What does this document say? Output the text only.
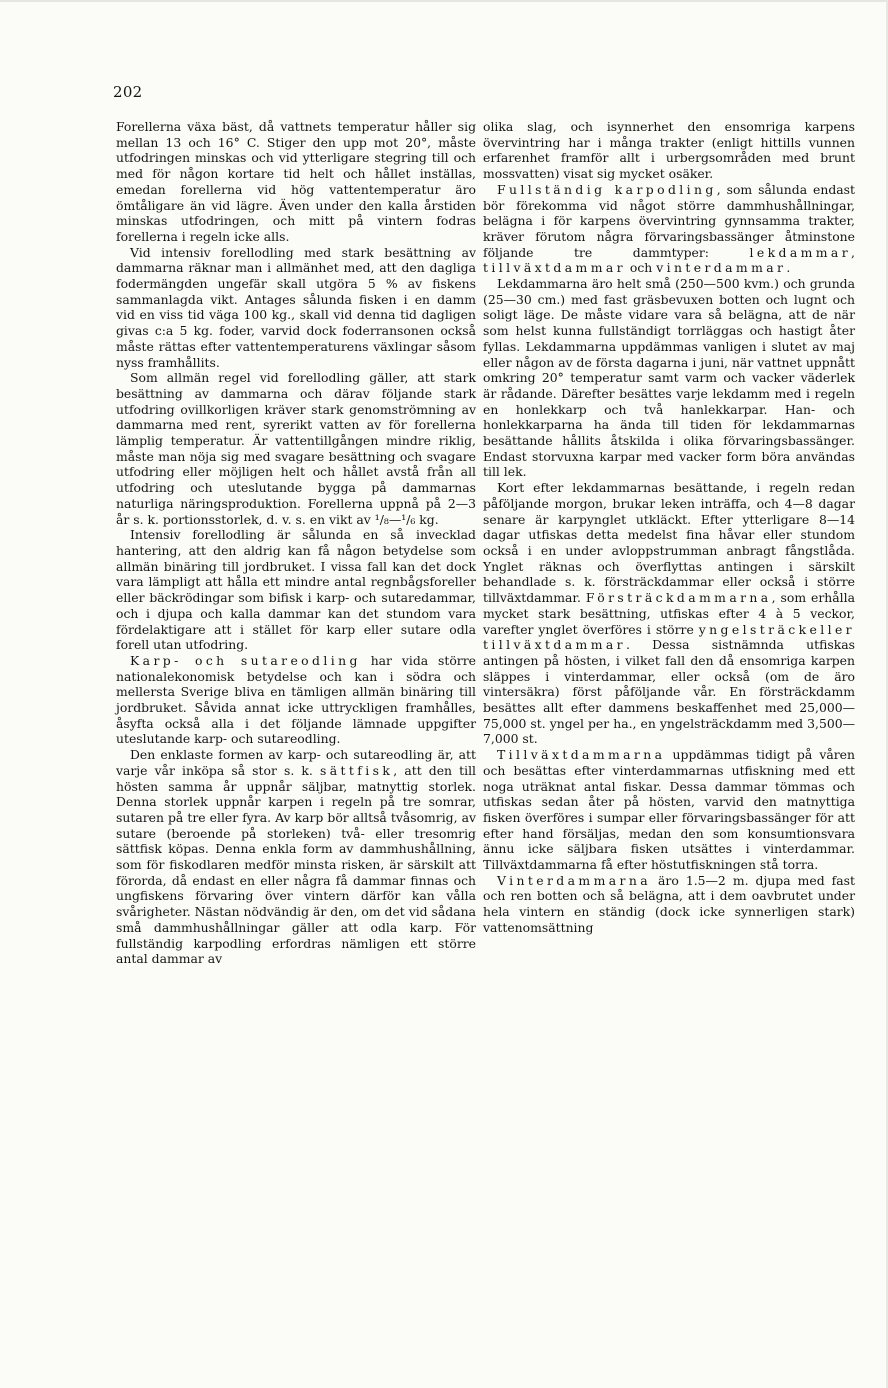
202

Forellerna växa bäst, då vattnets temperatur håller sig mellan 13 och 16° C. Stiger den upp mot 20°, måste utfodringen minskas och vid ytterligare stegring till och med för någon kortare tid helt och hållet inställas, emedan forellerna vid hög vattentemperatur äro ömtåligare än vid lägre. Även under den kalla årstiden minskas utfodringen, och mitt på vintern fodras forellerna i regeln icke alls.

Vid intensiv forellodling med stark besättning av dammarna räknar man i allmänhet med, att den dagliga fodermängden ungefär skall utgöra 5 % av fiskens sammanlagda vikt. Antages sålunda fisken i en damm vid en viss tid väga 100 kg., skall vid denna tid dagligen givas c:a 5 kg. foder, varvid dock foderransonen också måste rättas efter vattentemperaturens växlingar såsom nyss framhållits.

Som allmän regel vid forellodling gäller, att stark besättning av dammarna och därav följande stark utfodring ovillkorligen kräver stark genomströmning av dammarna med rent, syrerikt vatten av för forellerna lämplig temperatur. Är vattentillgången mindre riklig, måste man nöja sig med svagare besättning och svagare utfodring eller möjligen helt och hållet avstå från all utfodring och uteslutande bygga på dammarnas naturliga näringsproduktion. Forellerna uppnå på 2—3 år s. k. portionsstorlek, d. v. s. en vikt av ¹/₈—¹/₆ kg.

Intensiv forellodling är sålunda en så invecklad hantering, att den aldrig kan få någon betydelse som allmän binäring till jordbruket. I vissa fall kan det dock vara lämpligt att hålla ett mindre antal regnbågsforeller eller bäckrödingar som bifisk i karp- och sutaredammar, och i djupa och kalla dammar kan det stundom vara fördelaktigare att i stället för karp eller sutare odla forell utan utfodring.

Karp- och sutareodling har vida större nationalekonomisk betydelse och kan i södra och mellersta Sverige bliva en tämligen allmän binäring till jordbruket. Såvida annat icke uttryckligen framhålles, åsyfta också alla i det följande lämnade uppgifter uteslutande karp- och sutareodling.

Den enklaste formen av karp- och sutareodling är, att varje vår inköpa så stor s. k. sättfisk, att den till hösten samma år uppnår säljbar, matnyttig storlek. Denna storlek uppnår karpen i regeln på tre somrar, sutaren på tre eller fyra. Av karp bör alltså tvåsomrig, av sutare (beroende på storleken) två- eller tresomrig sättfisk köpas. Denna enkla form av dammhushållning, som för fiskodlaren medför minsta risken, är särskilt att förorda, då endast en eller några få dammar finnas och ungfiskens förvaring över vintern därför kan vålla svårigheter. Nästan nödvändig är den, om det vid sådana små dammhushållningar gäller att odla karp. För fullständig karpodling erfordras nämligen ett större antal dammar av

olika slag, och isynnerhet den ensomriga karpens övervintring har i många trakter (enligt hittills vunnen erfarenhet framför allt i urbergsområden med brunt mossvatten) visat sig mycket osäker.

Fullständig karpodling, som sålunda endast bör förekomma vid något större dammhushållningar, belägna i för karpens övervintring gynnsamma trakter, kräver förutom några förvaringsbassänger åtminstone följande tre dammtyper: lekdammar, tillväxtdammar och vinterdammar.

Lekdammarna äro helt små (250—500 kvm.) och grunda (25—30 cm.) med fast gräsbevuxen botten och lugnt och soligt läge. De måste vidare vara så belägna, att de när som helst kunna fullständigt torrläggas och hastigt åter fyllas. Lekdammarna uppdämmas vanligen i slutet av maj eller någon av de första dagarna i juni, när vattnet uppnått omkring 20° temperatur samt varm och vacker väderlek är rådande. Därefter besättes varje lekdamm med i regeln en honlekkarp och två hanlekkarpar. Han- och honlekkarparna ha ända till tiden för lekdammarnas besättande hållits åtskilda i olika förvaringsbassänger. Endast storvuxna karpar med vacker form böra användas till lek.

Kort efter lekdammarnas besättande, i regeln redan påföljande morgon, brukar leken inträffa, och 4—8 dagar senare är karpynglet utkläckt. Efter ytterligare 8—14 dagar utfiskas detta medelst fina håvar eller stundom också i en under avloppstrumman anbragt fångstlåda. Ynglet räknas och överflyttas antingen i särskilt behandlade s. k. försträckdammar eller också i större tillväxtdammar. Försträckdammarna, som erhålla mycket stark besättning, utfiskas efter 4 à 5 veckor, varefter ynglet överföres i större yngelsträckeller tillväxtdammar. Dessa sistnämnda utfiskas antingen på hösten, i vilket fall den då ensomriga karpen släppes i vinterdammar, eller också (om de äro vintersäkra) först påföljande vår. En försträckdamm besättes allt efter dammens beskaffenhet med 25,000—75,000 st. yngel per ha., en yngelsträckdamm med 3,500—7,000 st.

Tillväxtdammarna uppdämmas tidigt på våren och besättas efter vinterdammarnas utfiskning med ett noga uträknat antal fiskar. Dessa dammar tömmas och utfiskas sedan åter på hösten, varvid den matnyttiga fisken överföres i sumpar eller förvaringsbassänger för att efter hand försäljas, medan den som konsumtionsvara ännu icke säljbara fisken utsättes i vinterdammar. Tillväxtdammarna få efter höstutfiskningen stå torra.

Vinterdammarna äro 1.5—2 m. djupa med fast och ren botten och så belägna, att i dem oavbrutet under hela vintern en ständig (dock icke synnerligen stark) vattenomsättning
